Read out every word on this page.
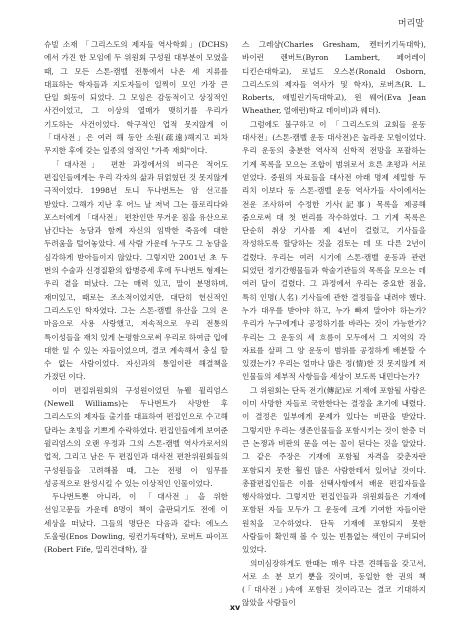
머리말

슈빌 소재 「그리스도의 제자들 역사학회」(DCHS)에서 가진 한 모임에 두 위원회 구성원 대부분이 모였을 때, 그 모든 스톤-캠벨 전통에서 나온 세 지류를 대표하는 학자들과 지도자들이 일찍이 모인 가장 큰 단일 회동이 되었다. 그 모임은 감동적이고 상징적인 사건이었고, 그 이상의 열매가 맺히기를 우리가 기도하는 사건이었다. 학구적인 업적 못지않게 이 「대사전」은 여러 해 동안 소원(疏遠)해지고 피차 무지한 후에 갖는 일종의 영적인 "가족 재회"이다.

「대사전」 편찬 과정에서의 비극은 적어도 편집인들에게는 우리 각자의 삶과 뒤얽혔던 것 못지않게 극적이었다. 1998년 토니 두나번트는 암 선고를 받았다. 그해가 지난 후 어느 날 저녁 그는 플로리다와 포스터에게 「대사전」 편찬인만 무거운 짐을 유산으로 남긴다는 농담과 함께 자신의 임박한 죽음에 대한 두려움을 털어놓았다. 세 사람 가운데 누구도 그 농담을 심각하게 받아들이지 않았다. 그렇지만 2001년 초 두 번의 수술과 신경질환의 합병증세 후에 두나번트 형제는 우리 곁을 떠났다. 그는 매력 있고, 말이 분명하며, 재미있고, 때로는 조소적이었지만, 대단히 헌신적인 그리스도인 학자였다. 그는 스톤-캠벨 유산을 그의 온 마음으로 사용 사랑했고, 저속적으로 우리 전통의 특이성들을 재치 있게 논평함으로써 우리로 하여금 입에 대한 일 수 있는 자들이었으며, 결코 계속해서 충실 할 수 없는 사람이었다. 자신과의 통일이란 해결책을 가졌던 이다.

이미 편집위원회의 구성원이었던 뉴웰 윌리엄스(Newell Williams)는 두나번트가 사망한 후 그리스도의 제자들 출기를 대표하여 편집인으로 수고해 달라는 초빙을 기쁘게 수락하였다. 편집인들에게 보여준 윌리엄스의 오랜 우정과 그의 스톤-캠벨 역사가로서의 업적, 그리고 남은 두 편집인과 대사전 편찬위원회들의 구성원들을 고려해볼 때, 그는 전평 이 임무를 성공적으로 완성시킬 수 있는 이상적인 인물이었다.

두나번트뿐 아니라, 이 「대사전」을 위한 선임고문들 가운데 8명이 책이 출판되기도 전에 이 세상을 떠났다. 그들의 명단은 다음과 같다: 에노스 도울링(Enos Dowling, 링컨기독대학), 로버트 파이프(Robert Fife, 밀리건대학), 잘

스 그레샴(Charles Gresham, 켄터키기독대학), 바이런 렌버트(Byron Lambert, 페어레이 디킨슨대학교), 로널드 오스본(Ronald Osborn, 그리스도의 제자들 역사가 및 학자), 로버츠(R. L. Roberts, 애빌린기독대학교), 윈 웨어(Eva Jean Wheather, 얼애런)학교 데이비)과 웨더).

그럼에도 불구하고 이 「그리스도의 교회들 운동 대사전」(스톤-캠벨 운동 대사전)은 놀라운 모험이었다. 우리 운동의 충분한 역사적 신학적 전망을 포괄하는 기계 목록을 모으는 조합이 범위로서 흐른 초평과 서로 얻었다. 중원의 자료들을 대사전 아래 명제 세밀함 두 리치 이보다 동 스톤-캠벨 운동 역사가들 사이에서는 전운 조사하여 수정한 기사(記事) 목록을 제공해 줌으로써 대 첫 번리를 작수하였다. 그 기계 목록은 단순히 취상 기사를 제 4년이 걸렸고, 기사들을 작성하도록 할당하는 것을 검토는 데 또 다른 2년이 걸렸다. 우리는 여러 시기에 스톤-캠벨 운동과 관련 되었던 정기간행물들과 학술기관들의 목록을 모으는 데 여러 달이 걸렸다. 그 과정에서 우리는 중요한 점을, 특히 인명(人名) 기사들에 관한 결정들을 내려야 했다. 누가 대우를 받아야 하고, 누가 빠져 말아야 하는가? 우리가 누구에게나 공정하기를 바라는 것이 가능한가? 우리는 그 운동의 세 흐름이 모두에서 그 지역의 각 자료를 살펴 그 양 운동이 범위를 공정하게 배분할 수 있겠는가? 우리는 얼마나 많은 정(情)한 것 못지않게 저 인물들의 세부적 사항들을 세상이 보도록 내민다는가?

그 위원회는 단독 전기(傳記)로 기재에 포함될 사람은 이미 사망한 자들로 국한한다는 결정을 초기에 내렸다. 이 결정은 일부에게 문제가 있다는 비판을 받았다. 그렇지만 우리는 생존인물들을 포함시키는 것이 한층 더 큰 논쟁과 비판의 문을 여는 꼴이 된다는 것을 알았다. 그 같은 주장은 기재에 포함될 자격을 갖춘자란 포함되지 못한 훨씬 많은 사람한테서 있어날 것이다. 총괄편집인들은 이를 선택사항에서 배운 편집자들을 행사하였다. 그렇지만 편집인들과 위원회들은 기재에 포함된 자들 모두가 그 운동에 크게 기여한 자들이란 원칙을 고수하였다. 단독 기재에 포함되지 못한 사람들이 확인해 볼 수 있는 빈틈없는 색인이 구비되어 있었다.

의미심장하게도 한때는 매우 다른 견해들을 갖고서, 서로 소 분 보기 뿐을 것이며, 동일한 한 권의 책(「대사전」)속에 포함된 것이라고는 결코 기대하지 않았을 사람들이

xv
